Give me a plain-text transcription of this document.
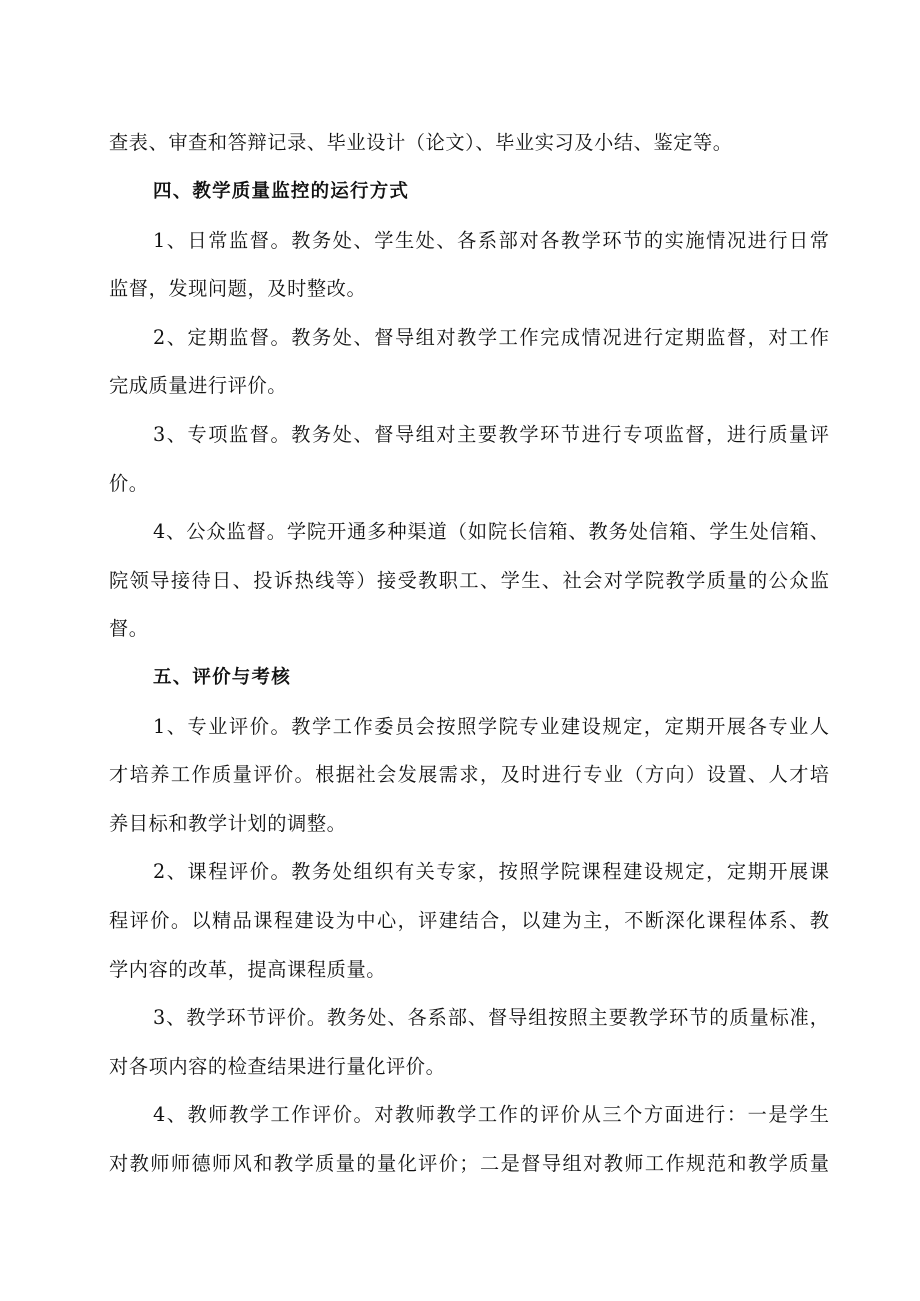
查表、审查和答辩记录、毕业设计（论文）、毕业实习及小结、鉴定等。
四、教学质量监控的运行方式
1、日常监督。教务处、学生处、各系部对各教学环节的实施情况进行日常
监督，发现问题，及时整改。
2、定期监督。教务处、督导组对教学工作完成情况进行定期监督，对工作
完成质量进行评价。
3、专项监督。教务处、督导组对主要教学环节进行专项监督，进行质量评
价。
4、公众监督。学院开通多种渠道（如院长信箱、教务处信箱、学生处信箱、
院领导接待日、投诉热线等）接受教职工、学生、社会对学院教学质量的公众监
督。
五、评价与考核
1、专业评价。教学工作委员会按照学院专业建设规定，定期开展各专业人
才培养工作质量评价。根据社会发展需求，及时进行专业（方向）设置、人才培
养目标和教学计划的调整。
2、课程评价。教务处组织有关专家，按照学院课程建设规定，定期开展课
程评价。以精品课程建设为中心，评建结合，以建为主，不断深化课程体系、教
学内容的改革，提高课程质量。
3、教学环节评价。教务处、各系部、督导组按照主要教学环节的质量标准，
对各项内容的检查结果进行量化评价。
4、教师教学工作评价。对教师教学工作的评价从三个方面进行：一是学生
对教师师德师风和教学质量的量化评价；二是督导组对教师工作规范和教学质量
